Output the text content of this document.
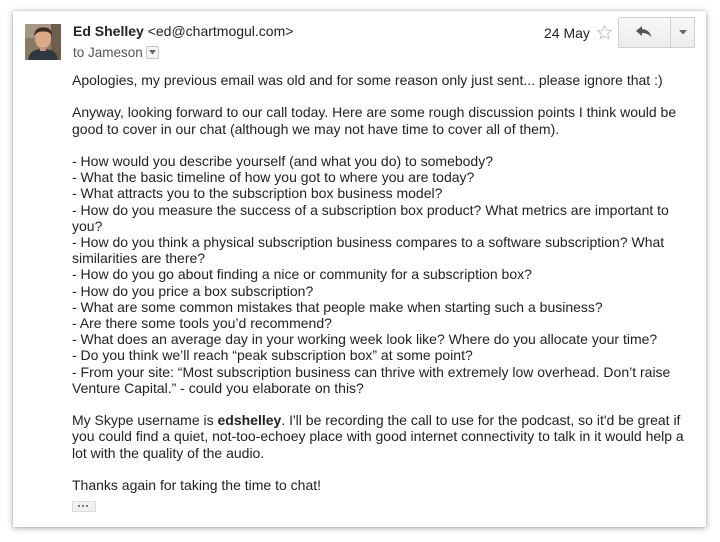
Ed Shelley <ed@chartmogul.com>
to Jameson
24 May

Apologies, my previous email was old and for some reason only just sent... please ignore that :)

Anyway, looking forward to our call today. Here are some rough discussion points I think would be

good to cover in our chat (although we may not have time to cover all of them).

- How would you describe yourself (and what you do) to somebody?

- What the basic timeline of how you got to where you are today?

- What attracts you to the subscription box business model?

- How do you measure the success of a subscription box product? What metrics are important to

you?

- How do you think a physical subscription business compares to a software subscription? What

similarities are there?

- How do you go about finding a nice or community for a subscription box?

- How do you price a box subscription?

- What are some common mistakes that people make when starting such a business?

- Are there some tools you’d recommend?

- What does an average day in your working week look like? Where do you allocate your time?

- Do you think we’ll reach “peak subscription box” at some point?

- From your site: “Most subscription business can thrive with extremely low overhead. Don’t raise

Venture Capital.” - could you elaborate on this?

My Skype username is edshelley. I'll be recording the call to use for the podcast, so it'd be great if

you could find a quiet, not-too-echoey place with good internet connectivity to talk in it would help a

lot with the quality of the audio.

Thanks again for taking the time to chat!
